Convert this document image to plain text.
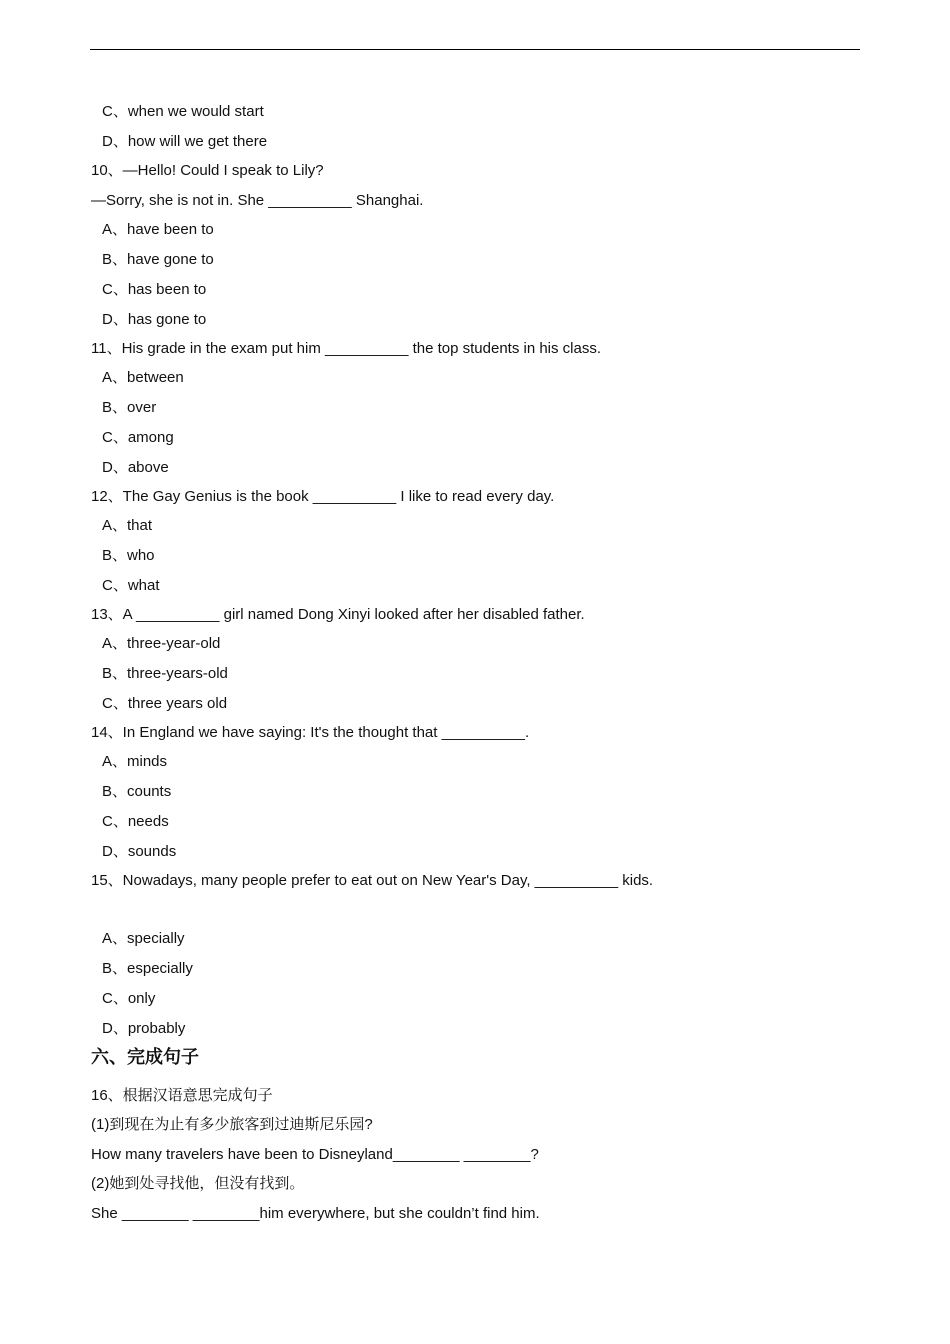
C、when we would start
D、how will we get there
10、—Hello! Could I speak to Lily?
—Sorry, she is not in. She __________ Shanghai.
A、have been to
B、have gone to
C、has been to
D、has gone to
11、His grade in the exam put him __________ the top students in his class.
A、between
B、over
C、among
D、above
12、The Gay Genius is the book __________ I like to read every day.
A、that
B、who
C、what
13、A __________ girl named Dong Xinyi looked after her disabled father.
A、three-year-old
B、three-years-old
C、three years old
14、In England we have saying: It's the thought that __________.
A、minds
B、counts
C、needs
D、sounds
15、Nowadays, many people prefer to eat out on New Year's Day, __________ kids.
A、specially
B、especially
C、only
D、probably
六、完成句子
16、根据汉语意思完成句子
(1)到现在为止有多少旅客到过迪斯尼乐园?
How many travelers have been to Disneyland________ ________?
(2)她到处寻找他，但没有找到。
She ________ ________him everywhere, but she couldn’t find him.
